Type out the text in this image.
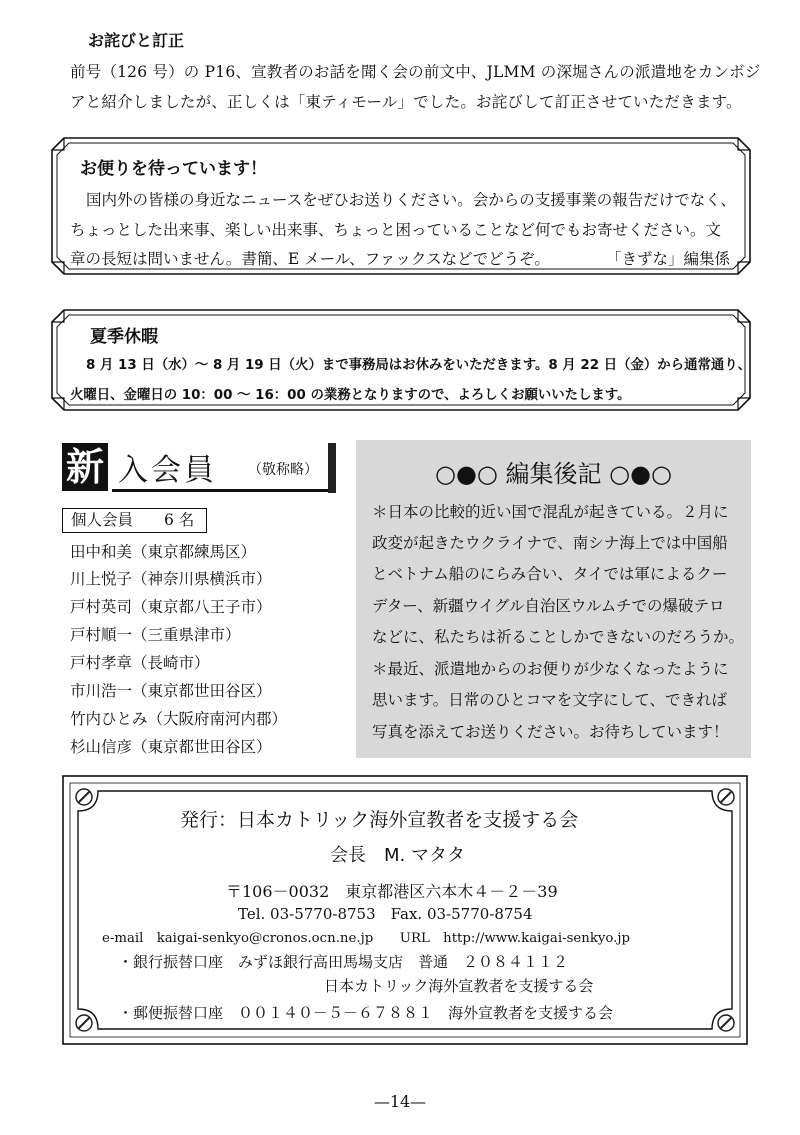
お詫びと訂正
前号（126 号）の P16、宣教者のお話を聞く会の前文中、JLMM の深堀さんの派遣地をカンボジ
アと紹介しましたが、正しくは「東ティモール」でした。お詫びして訂正させていただきます。
お便りを待っています！
国内外の皆様の身近なニュースをぜひお送りください。会からの支援事業の報告だけでなく、
ちょっとした出来事、楽しい出来事、ちょっと困っていることなど何でもお寄せください。文
章の長短は問いません。書簡、E メール、ファックスなどでどうぞ。	「きずな」編集係
夏季休暇
8 月 13 日（水）～ 8 月 19 日（火）まで事務局はお休みをいただきます。8 月 22 日（金）から通常通り、
火曜日、金曜日の 10：00 ～ 16：00 の業務となりますので、よろしくお願いいたします。
新 入会員 （敬称略）
個人会員　　6 名
田中和美（東京都練馬区）
川上悦子（神奈川県横浜市）
戸村英司（東京都八王子市）
戸村順一（三重県津市）
戸村孝章（長崎市）
市川浩一（東京都世田谷区）
竹内ひとみ（大阪府南河内郡）
杉山信彦（東京都世田谷区）
○●○ 編集後記 ○●○
＊日本の比較的近い国で混乱が起きている。２月に
政変が起きたウクライナで、南シナ海上では中国船
とベトナム船のにらみ合い、タイでは軍によるクー
デター、新疆ウイグル自治区ウルムチでの爆破テロ
などに、私たちは祈ることしかできないのだろうか。
＊最近、派遣地からのお便りが少なくなったように
思います。日常のひとコマを文字にして、できれば
写真を添えてお送りください。お待ちしています！
発行：日本カトリック海外宣教者を支援する会
会長　M. マタタ
〒106－0032　東京都港区六本木４－２－39
Tel. 03-5770-8753　Fax. 03-5770-8754
e-mail　kaigai-senkyo@cronos.ocn.ne.jp　　URL　http://www.kaigai-senkyo.jp
・銀行振替口座　みずほ銀行高田馬場支店　普通　２０８４１１２
日本カトリック海外宣教者を支援する会
・郵便振替口座　００１４０－５－６７８８１　海外宣教者を支援する会
—14—
